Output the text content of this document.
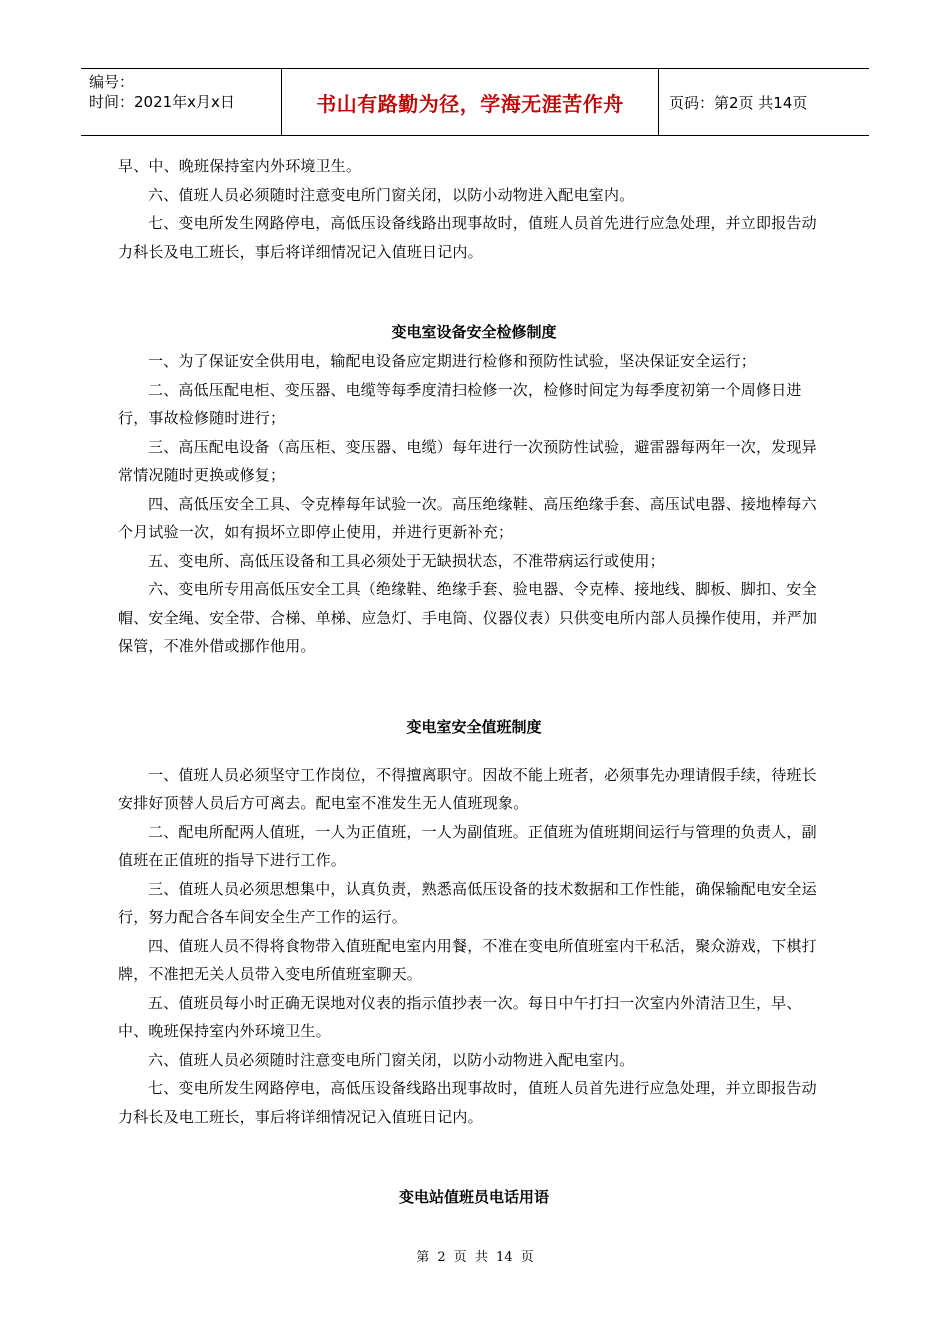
编号：
时间：2021年x月x日	书山有路勤为径，学海无涯苦作舟	页码：第2页 共14页

早、中、晚班保持室内外环境卫生。

六、值班人员必须随时注意变电所门窗关闭，以防小动物进入配电室内。

七、变电所发生网路停电，高低压设备线路出现事故时，值班人员首先进行应急处理，并立即报告动力科长及电工班长，事后将详细情况记入值班日记内。

变电室设备安全检修制度

一、为了保证安全供用电，输配电设备应定期进行检修和预防性试验，坚决保证安全运行；

二、高低压配电柜、变压器、电缆等每季度清扫检修一次，检修时间定为每季度初第一个周修日进行，事故检修随时进行；

三、高压配电设备（高压柜、变压器、电缆）每年进行一次预防性试验，避雷器每两年一次，发现异常情况随时更换或修复；

四、高低压安全工具、令克棒每年试验一次。高压绝缘鞋、高压绝缘手套、高压试电器、接地棒每六个月试验一次，如有损坏立即停止使用，并进行更新补充；

五、变电所、高低压设备和工具必须处于无缺损状态，不准带病运行或使用；

六、变电所专用高低压安全工具（绝缘鞋、绝缘手套、验电器、令克棒、接地线、脚板、脚扣、安全帽、安全绳、安全带、合梯、单梯、应急灯、手电筒、仪器仪表）只供变电所内部人员操作使用，并严加保管，不准外借或挪作他用。

变电室安全值班制度

一、值班人员必须坚守工作岗位，不得擅离职守。因故不能上班者，必须事先办理请假手续，待班长安排好顶替人员后方可离去。配电室不准发生无人值班现象。

二、配电所配两人值班，一人为正值班，一人为副值班。正值班为值班期间运行与管理的负责人，副值班在正值班的指导下进行工作。

三、值班人员必须思想集中，认真负责，熟悉高低压设备的技术数据和工作性能，确保输配电安全运行，努力配合各车间安全生产工作的运行。

四、值班人员不得将食物带入值班配电室内用餐，不准在变电所值班室内干私活，聚众游戏，下棋打牌，不准把无关人员带入变电所值班室聊天。

五、值班员每小时正确无误地对仪表的指示值抄表一次。每日中午打扫一次室内外清洁卫生，早、中、晚班保持室内外环境卫生。

六、值班人员必须随时注意变电所门窗关闭，以防小动物进入配电室内。

七、变电所发生网路停电，高低压设备线路出现事故时，值班人员首先进行应急处理，并立即报告动力科长及电工班长，事后将详细情况记入值班日记内。

变电站值班员电话用语
第 2 页 共 14 页
